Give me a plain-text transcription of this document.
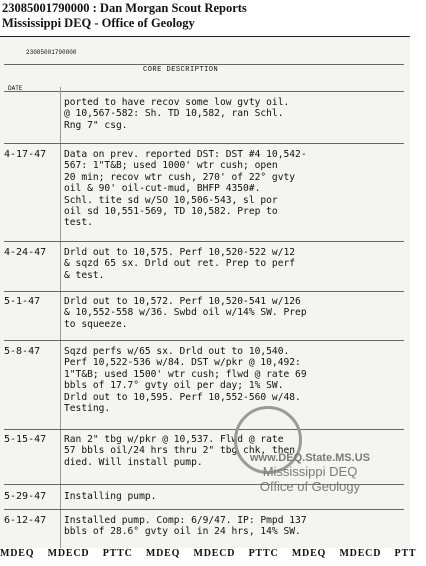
23085001790000 : Dan Morgan Scout Reports
Mississippi DEQ - Office of Geology
23085001790000
CORE DESCRIPTION
DATE
ported to have recov some low gvty oil.
@ 10,567-582: Sh. TD 10,582, ran Schl.
Rng 7" csg.
4-17-47 Data on prev. reported DST: DST #4 10,542-
567: 1"T&B; used 1000' wtr cush; open
20 min; recov wtr cush, 270' of 22° gvty
oil & 90' oil-cut-mud, BHFP 4350#.
Schl. tite sd w/SO 10,506-543, sl por
oil sd 10,551-569, TD 10,582. Prep to
test.
4-24-47 Drld out to 10,575. Perf 10,520-522 w/12
& sqzd 65 sx. Drld out ret. Prep to perf
& test.
5-1-47 Drld out to 10,572. Perf 10,520-541 w/126
& 10,552-558 w/36. Swbd oil w/14% SW. Prep
to squeeze.
5-8-47 Sqzd perfs w/65 sx. Drld out to 10,540.
Perf 10,522-536 w/84. DST w/pkr @ 10,492:
1"T&B; used 1500' wtr cush; flwd @ rate 69
bbls of 17.7° gvty oil per day; 1% SW.
Drld out to 10,595. Perf 10,552-560 w/48.
Testing.
5-15-47 Ran 2" tbg w/pkr @ 10,537. Flwd @ rate
57 bbls oil/24 hrs thru 2" tbg chk, then
died. Will install pump.
5-29-47 Installing pump.
6-12-47 Installed pump. Comp: 6/9/47. IP: Pmpd 137
bbls of 28.6° gvty oil in 24 hrs, 14% SW.
www.DEQ.State.MS.US
Mississippi DEQ
Office of Geology
MDEQ MDECD PTTC MDEQ MDECD PTTC MDEQ MDECD PTT
